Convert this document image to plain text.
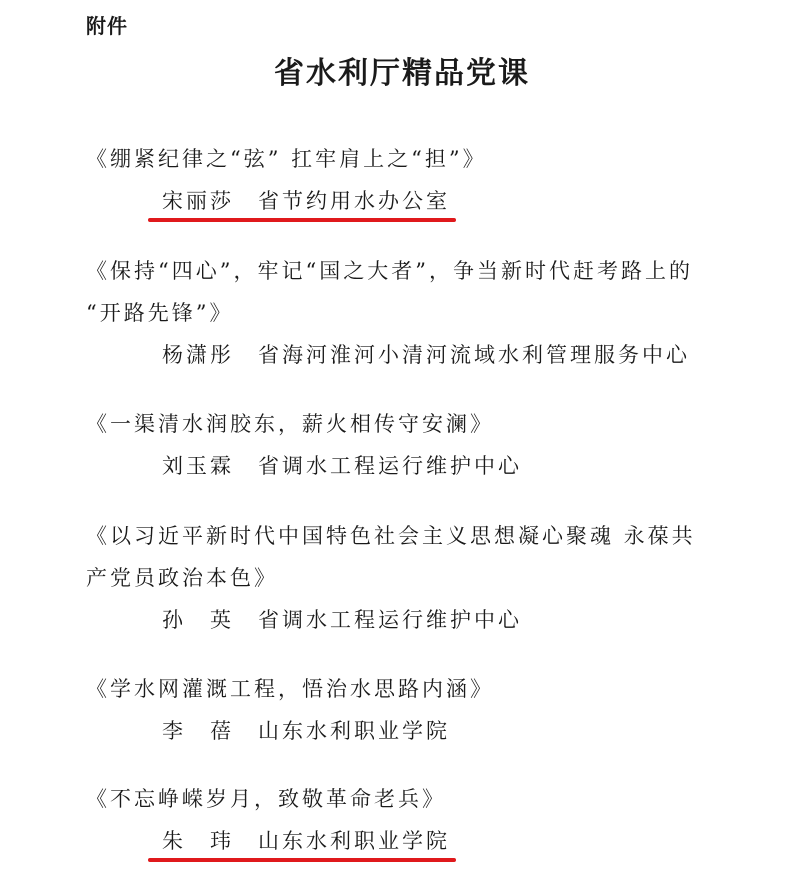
附件
省水利厅精品党课

《绷紧纪律之“弦” 扛牢肩上之“担”》

宋丽莎 省节约用水办公室

《保持“四心”，牢记“国之大者”，争当新时代赶考路上的

“开路先锋”》

杨潇彤 省海河淮河小清河流域水利管理服务中心

《一渠清水润胶东，薪火相传守安澜》

刘玉霖 省调水工程运行维护中心

《以习近平新时代中国特色社会主义思想凝心聚魂 永葆共

产党员政治本色》

孙　英 省调水工程运行维护中心

《学水网灌溉工程，悟治水思路内涵》

李　蓓 山东水利职业学院

《不忘峥嵘岁月，致敬革命老兵》

朱　玮 山东水利职业学院
